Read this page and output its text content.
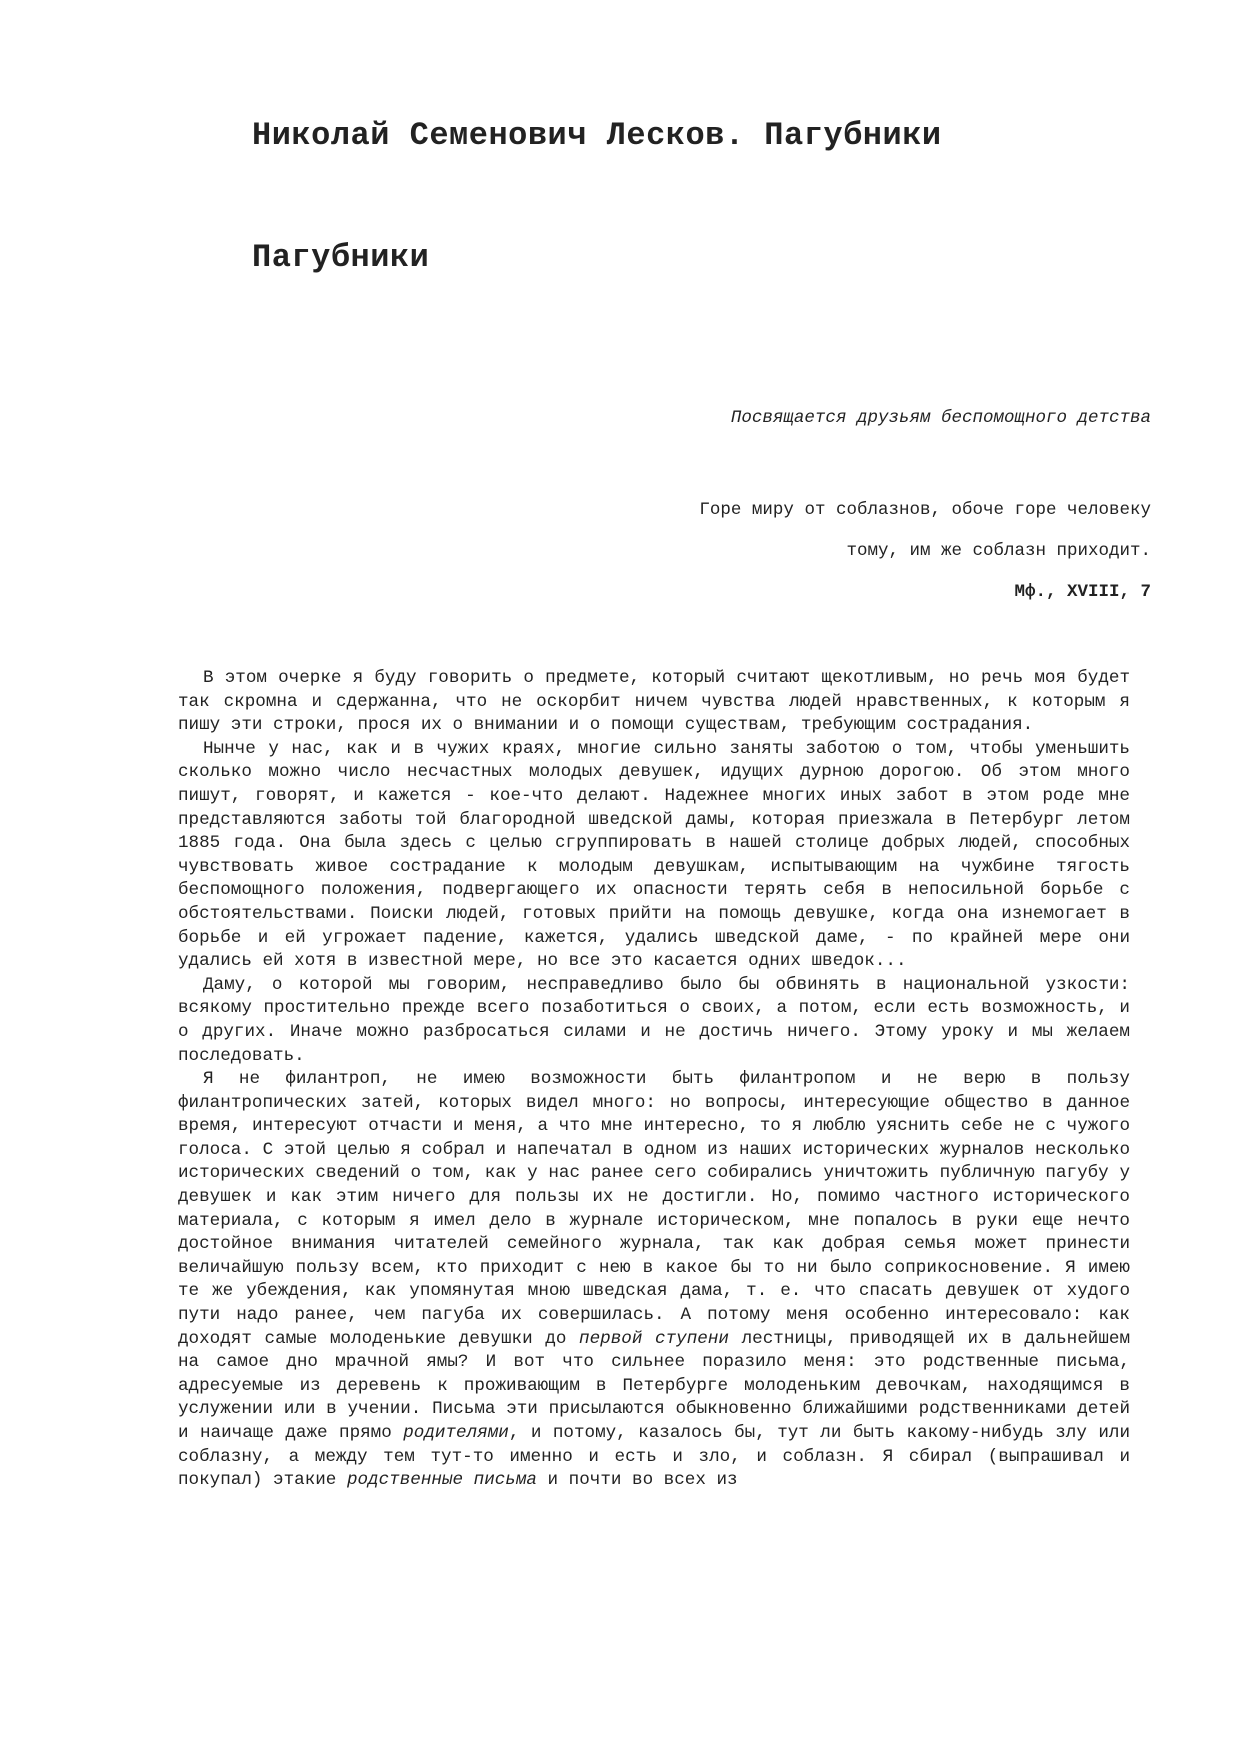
Николай Семенович Лесков. Пагубники
Пагубники

Посвящается друзьям беспомощного детства

Горе миру от соблазнов, обоче горе человеку
тому, им же соблазн приходит.
Мф., XVIII, 7

В этом очерке я буду говорить о предмете, который считают щекотливым, но речь моя будет так скромна и сдержанна, что не оскорбит ничем чувства людей нравственных, к которым я пишу эти строки, прося их о внимании и о помощи существам, требующим сострадания.

Нынче у нас, как и в чужих краях, многие сильно заняты заботою о том, чтобы уменьшить сколько можно число несчастных молодых девушек, идущих дурною дорогою. Об этом много пишут, говорят, и кажется - кое-что делают. Надежнее многих иных забот в этом роде мне представляются заботы той благородной шведской дамы, которая приезжала в Петербург летом 1885 года. Она была здесь с целью сгруппировать в нашей столице добрых людей, способных чувствовать живое сострадание к молодым девушкам, испытывающим на чужбине тягость беспомощного положения, подвергающего их опасности терять себя в непосильной борьбе с обстоятельствами. Поиски людей, готовых прийти на помощь девушке, когда она изнемогает в борьбе и ей угрожает падение, кажется, удались шведской даме, - по крайней мере они удались ей хотя в известной мере, но все это касается одних шведок...

Даму, о которой мы говорим, несправедливо было бы обвинять в национальной узкости: всякому простительно прежде всего позаботиться о своих, а потом, если есть возможность, и о других. Иначе можно разбросаться силами и не достичь ничего. Этому уроку и мы желаем последовать.

Я не филантроп, не имею возможности быть филантропом и не верю в пользу филантропических затей, которых видел много: но вопросы, интересующие общество в данное время, интересуют отчасти и меня, а что мне интересно, то я люблю уяснить себе не с чужого голоса. С этой целью я собрал и напечатал в одном из наших исторических журналов несколько исторических сведений о том, как у нас ранее сего собирались уничтожить публичную пагубу у девушек и как этим ничего для пользы их не достигли. Но, помимо частного исторического материала, с которым я имел дело в журнале историческом, мне попалось в руки еще нечто достойное внимания читателей семейного журнала, так как добрая семья может принести величайшую пользу всем, кто приходит с нею в какое бы то ни было соприкосновение. Я имею те же убеждения, как упомянутая мною шведская дама, т. е. что спасать девушек от худого пути надо ранее, чем пагуба их совершилась. А потому меня особенно интересовало: как доходят самые молоденькие девушки до первой ступени лестницы, приводящей их в дальнейшем на самое дно мрачной ямы? И вот что сильнее поразило меня: это родственные письма, адресуемые из деревень к проживающим в Петербурге молоденьким девочкам, находящимся в услужении или в учении. Письма эти присылаются обыкновенно ближайшими родственниками детей и наичаще даже прямо родителями, и потому, казалось бы, тут ли быть какому-нибудь злу или соблазну, а между тем тут-то именно и есть и зло, и соблазн. Я сбирал (выпрашивал и покупал) этакие родственные письма и почти во всех из
